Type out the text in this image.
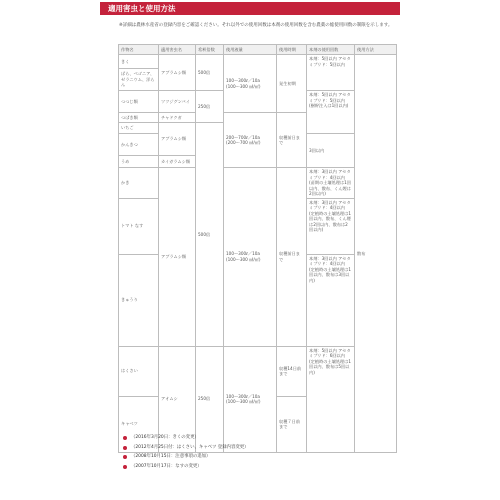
適用害虫と使用方法
※詳細は農林水産省の登録内容をご確認ください。それ以外での使用回数は本剤の使用回数を含む農薬の総使用回数の制限を示します。
作物名	適用害虫名	希釈倍数	使用液量	使用時期	本剤の使用回数	使用方法
きく	アブラムシ類	500倍	100〜300ℓ／10a (100〜300 ㎖/㎡)	発生初期	本剤：5回以内 アセタミプリド：5回以内	散布
ばら、ベゴニア、ゼラニウム、洋らん						
つつじ類	ツツジグンバイ	250倍			本剤：5回以内 アセタミプリド：5回以内 (樹幹注入は1回以内)	
つばき類	チャドクガ		200〜700ℓ／10a (200〜700 ㎖/㎡)	収穫前日まで		
いちご	アブラムシ類	500倍				
かんきつ					3回以内	
うめ	カイガラムシ類					
かき	アブラムシ類		100〜300ℓ／10a (100〜300 ㎖/㎡)	収穫前日まで	本剤：3回以内 アセタミプリド：4回以内 (苗期の土壌処理は1回以内、散布、くん煙は2回以内)	
トマト なす					本剤：3回以内 アセタミプリド：4回以内 (定植時の土壌処理は1回以内、散布、くん煙は2回以内、散布は2回以内)	
きゅうり					本剤：3回以内 アセタミプリド：4回以内 (定植時の土壌処理は1回以内、散布は3回以内)	
はくさい	アオムシ	250倍	100〜300ℓ／10a (100〜300 ㎖/㎡)	収穫14日前まで	本剤：5回以内 アセタミプリド：6回以内 (定植時の土壌処理は1回以内、散布は5回以内)	
キャベツ				収穫７日前まで		
（2016年3月20日：きくの変更）
（2012年4月25日付：はくさい、キャベツ 登録内容変更）
（2008年10月15日：注意事項の追加）
（2007年10月17日：なすの変更）
